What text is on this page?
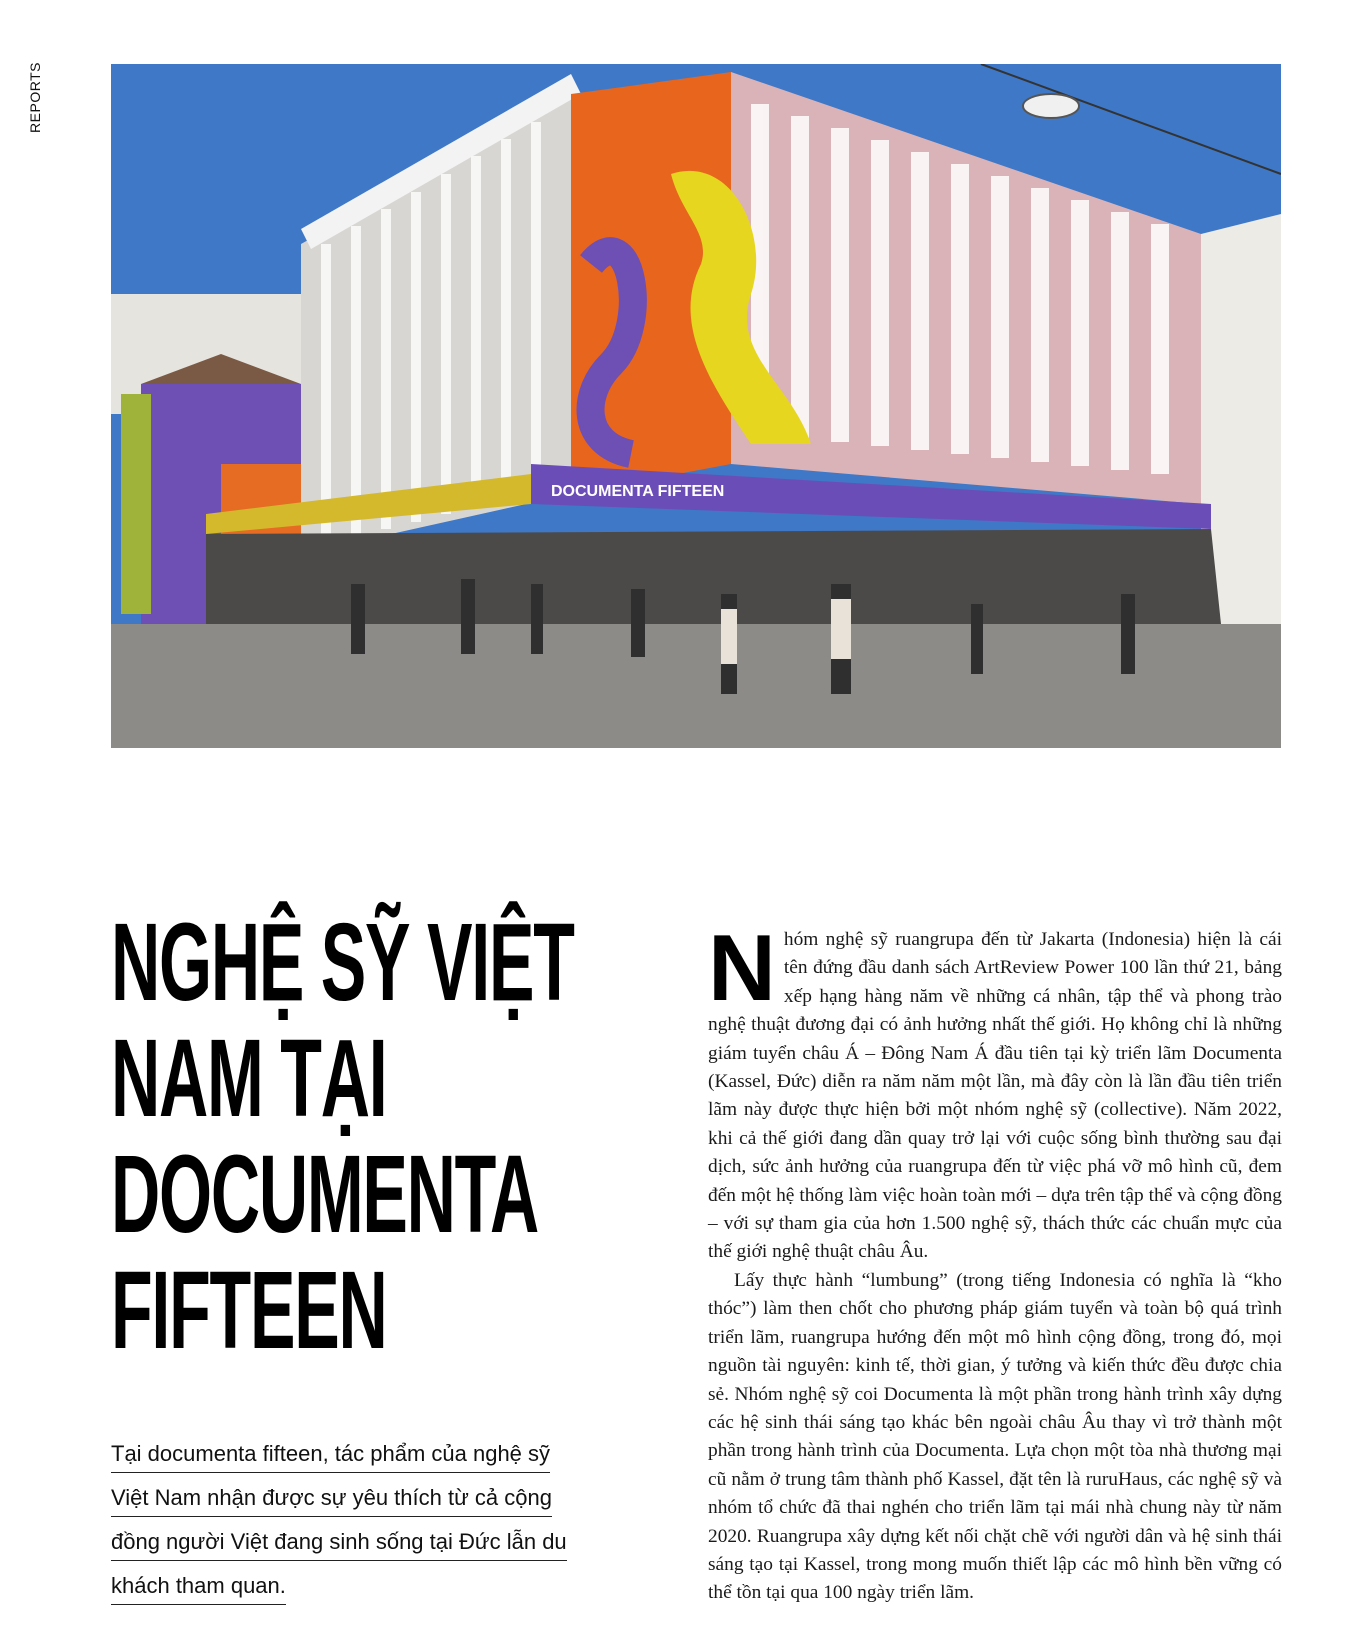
REPORTS
DOCUMENTA FIFTEEN
NGHỆ SỸ VIỆT NAM TẠI DOCUMENTA FIFTEEN
Tại documenta fifteen, tác phẩm của nghệ sỹ Việt Nam nhận được sự yêu thích từ cả cộng đồng người Việt đang sinh sống tại Đức lẫn du khách tham quan.

Nhóm nghệ sỹ ruangrupa đến từ Jakarta (Indonesia) hiện là cái tên đứng đầu danh sách ArtReview Power 100 lần thứ 21, bảng xếp hạng hàng năm về những cá nhân, tập thể và phong trào nghệ thuật đương đại có ảnh hưởng nhất thế giới. Họ không chỉ là những giám tuyển châu Á – Đông Nam Á đầu tiên tại kỳ triển lãm Documenta (Kassel, Đức) diễn ra năm năm một lần, mà đây còn là lần đầu tiên triển lãm này được thực hiện bởi một nhóm nghệ sỹ (collective). Năm 2022, khi cả thế giới đang dần quay trở lại với cuộc sống bình thường sau đại dịch, sức ảnh hưởng của ruangrupa đến từ việc phá vỡ mô hình cũ, đem đến một hệ thống làm việc hoàn toàn mới – dựa trên tập thể và cộng đồng – với sự tham gia của hơn 1.500 nghệ sỹ, thách thức các chuẩn mực của thế giới nghệ thuật châu Âu.

Lấy thực hành “lumbung” (trong tiếng Indonesia có nghĩa là “kho thóc”) làm then chốt cho phương pháp giám tuyển và toàn bộ quá trình triển lãm, ruangrupa hướng đến một mô hình cộng đồng, trong đó, mọi nguồn tài nguyên: kinh tế, thời gian, ý tưởng và kiến thức đều được chia sẻ. Nhóm nghệ sỹ coi Documenta là một phần trong hành trình xây dựng các hệ sinh thái sáng tạo khác bên ngoài châu Âu thay vì trở thành một phần trong hành trình của Documenta. Lựa chọn một tòa nhà thương mại cũ nằm ở trung tâm thành phố Kassel, đặt tên là ruruHaus, các nghệ sỹ và nhóm tổ chức đã thai nghén cho triển lãm tại mái nhà chung này từ năm 2020. Ruangrupa xây dựng kết nối chặt chẽ với người dân và hệ sinh thái sáng tạo tại Kassel, trong mong muốn thiết lập các mô hình bền vững có thể tồn tại qua 100 ngày triển lãm.
